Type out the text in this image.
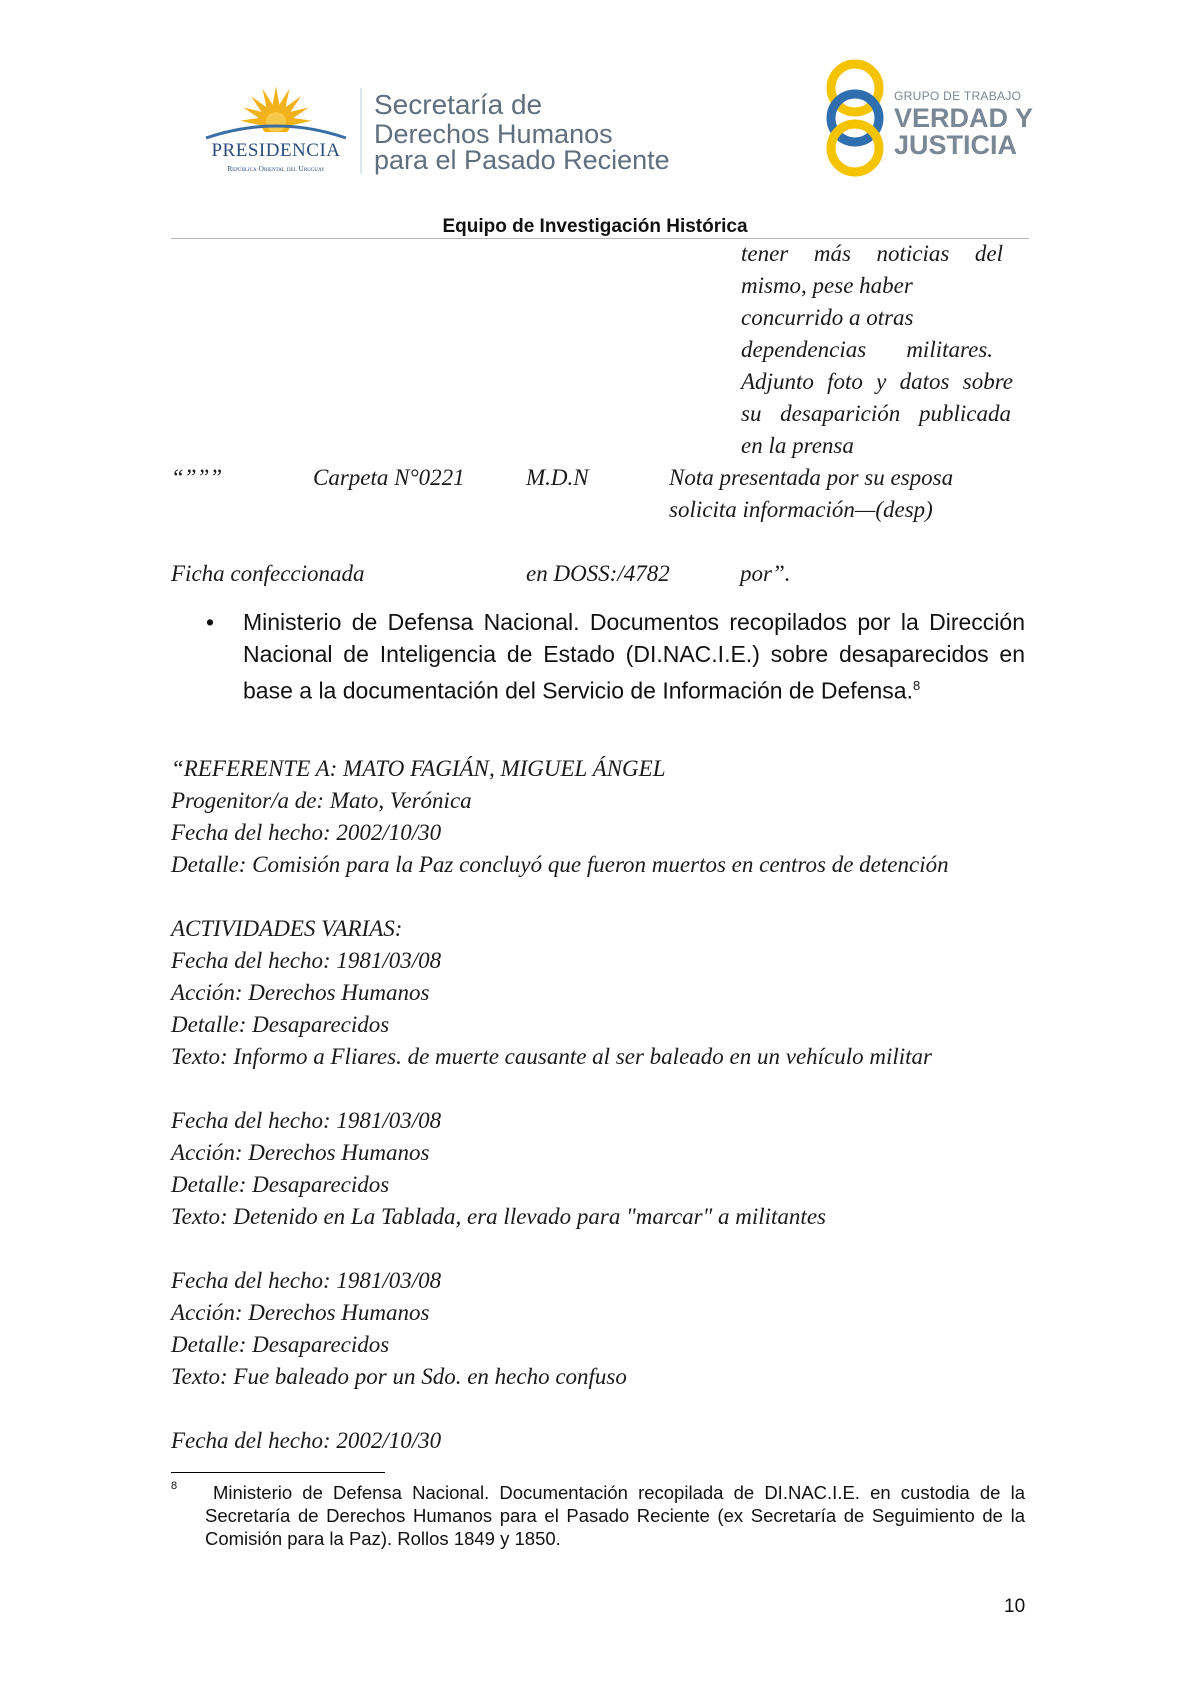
PRESIDENCIA
República Oriental del Uruguay
Secretaría de
Derechos Humanos
para el Pasado Reciente
GRUPO DE TRABAJO
VERDAD Y
JUSTICIA
Equipo de Investigación Histórica
tener más noticias del
mismo, pese haber
concurrido a otras
dependencias militares.
Adjunto foto y datos sobre
su desaparición publicada
en la prensa
“”””	Carpeta N°0221	M.D.N	Nota presentada por su esposa
solicita información—(desp)
Ficha confeccionada	en DOSS:/4782	por”.
• Ministerio de Defensa Nacional. Documentos recopilados por la Dirección Nacional de Inteligencia de Estado (DI.NAC.I.E.) sobre desaparecidos en base a la documentación del Servicio de Información de Defensa.$^8$

“REFERENTE A: MATO FAGIÁN, MIGUEL ÁNGEL
Progenitor/a de: Mato, Verónica
Fecha del hecho: 2002/10/30
Detalle: Comisión para la Paz concluyó que fueron muertos en centros de detención
ACTIVIDADES VARIAS:
Fecha del hecho: 1981/03/08
Acción: Derechos Humanos
Detalle: Desaparecidos
Texto: Informo a Fliares. de muerte causante al ser baleado en un vehículo militar
Fecha del hecho: 1981/03/08
Acción: Derechos Humanos
Detalle: Desaparecidos
Texto: Detenido en La Tablada, era llevado para "marcar" a militantes
Fecha del hecho: 1981/03/08
Acción: Derechos Humanos
Detalle: Desaparecidos
Texto: Fue baleado por un Sdo. en hecho confuso
Fecha del hecho: 2002/10/30
8	Ministerio de Defensa Nacional. Documentación recopilada de DI.NAC.I.E. en custodia de la Secretaría de Derechos Humanos para el Pasado Reciente (ex Secretaría de Seguimiento de la Comisión para la Paz). Rollos 1849 y 1850.

10
